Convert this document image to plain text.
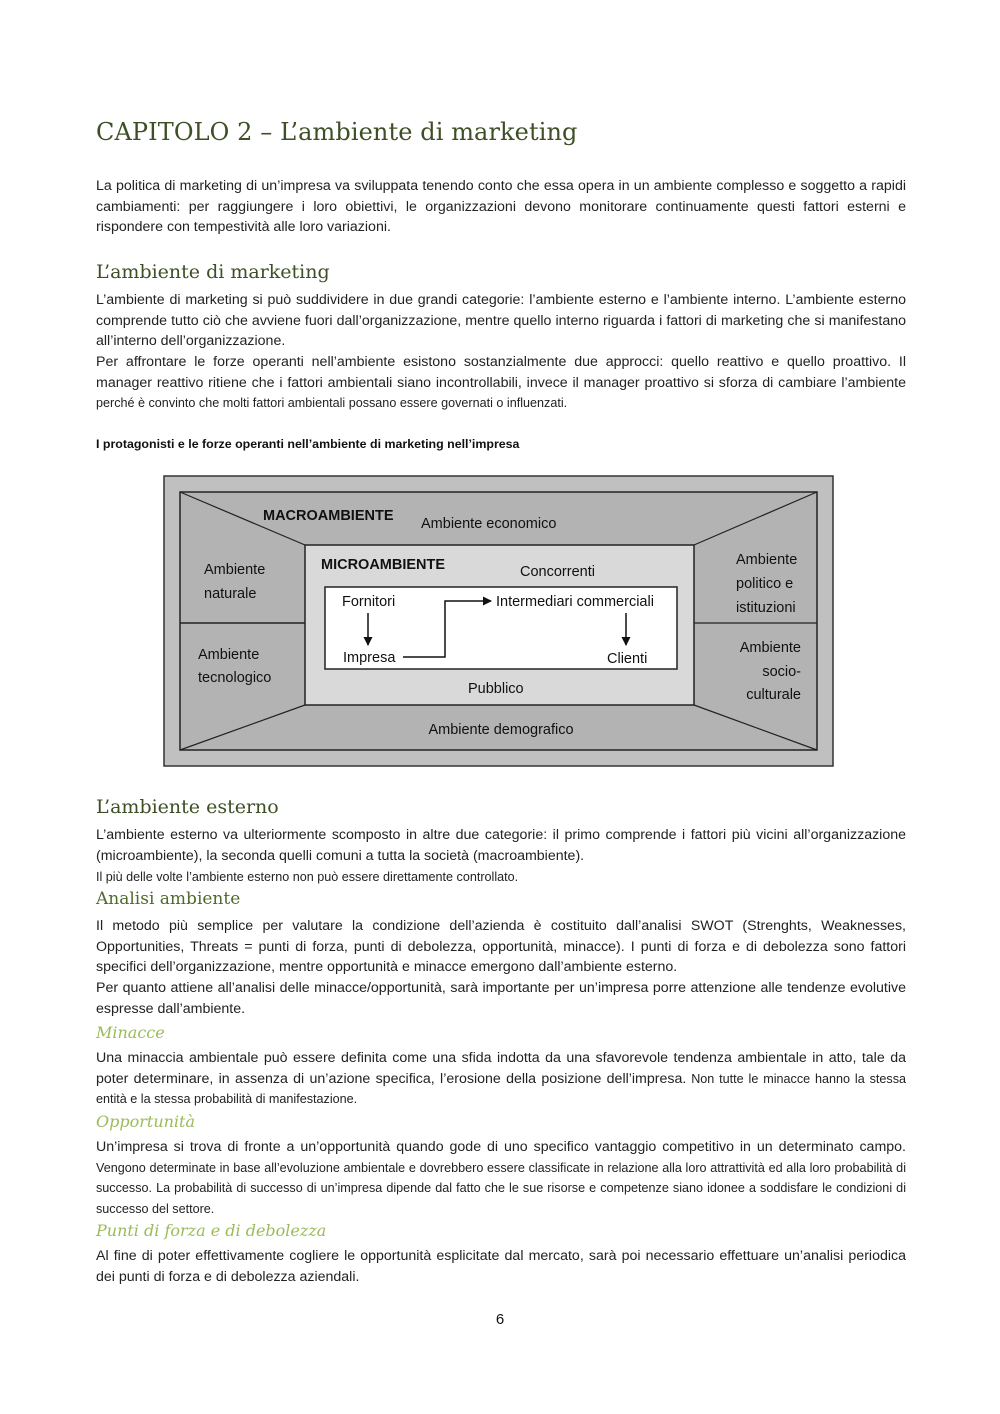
CAPITOLO 2 – L’ambiente di marketing

La politica di marketing di un’impresa va sviluppata tenendo conto che essa opera in un ambiente complesso e soggetto a rapidi cambiamenti: per raggiungere i loro obiettivi, le organizzazioni devono monitorare continuamente questi fattori esterni e rispondere con tempestività alle loro variazioni.

L’ambiente di marketing

L’ambiente di marketing si può suddividere in due grandi categorie: l’ambiente esterno e l’ambiente interno. L’ambiente esterno comprende tutto ciò che avviene fuori dall’organizzazione, mentre quello interno riguarda i fattori di marketing che si manifestano all’interno dell’organizzazione.

Per affrontare le forze operanti nell’ambiente esistono sostanzialmente due approcci: quello reattivo e quello proattivo. Il manager reattivo ritiene che i fattori ambientali siano incontrollabili, invece il manager proattivo si sforza di cambiare l’ambiente perché è convinto che molti fattori ambientali possano essere governati o influenzati.

I protagonisti e le forze operanti nell’ambiente di marketing nell’impresa

L’ambiente esterno

L’ambiente esterno va ulteriormente scomposto in altre due categorie: il primo comprende i fattori più vicini all’organizzazione (microambiente), la seconda quelli comuni a tutta la società (macroambiente).

Il più delle volte l’ambiente esterno non può essere direttamente controllato.

Analisi ambiente

Il metodo più semplice per valutare la condizione dell’azienda è costituito dall’analisi SWOT (Strenghts, Weaknesses, Opportunities, Threats = punti di forza, punti di debolezza, opportunità, minacce). I punti di forza e di debolezza sono fattori specifici dell’organizzazione, mentre opportunità e minacce emergono dall’ambiente esterno.

Per quanto attiene all’analisi delle minacce/opportunità, sarà importante per un’impresa porre attenzione alle tendenze evolutive espresse dall’ambiente.

Minacce

Una minaccia ambientale può essere definita come una sfida indotta da una sfavorevole tendenza ambientale in atto, tale da poter determinare, in assenza di un’azione specifica, l’erosione della posizione dell’impresa. Non tutte le minacce hanno la stessa entità e la stessa probabilità di manifestazione.

Opportunità

Un’impresa si trova di fronte a un’opportunità quando gode di uno specifico vantaggio competitivo in un determinato campo. Vengono determinate in base all’evoluzione ambientale e dovrebbero essere classificate in relazione alla loro attrattività ed alla loro probabilità di successo. La probabilità di successo di un’impresa dipende dal fatto che le sue risorse e competenze siano idonee a soddisfare le condizioni di successo del settore.

Punti di forza e di debolezza

Al fine di poter effettivamente cogliere le opportunità esplicitate dal mercato, sarà poi necessario effettuare un’analisi periodica dei punti di forza e di debolezza aziendali.

MACROAMBIENTE Ambiente economico
Ambiente
naturale
Ambiente
tecnologico
Ambiente
politico e
istituzioni
Ambiente
socio-
culturale
Ambiente demografico
MICROAMBIENTE	Concorrenti
Pubblico
Fornitori	Intermediari commerciali
Impresa	Clienti
6
